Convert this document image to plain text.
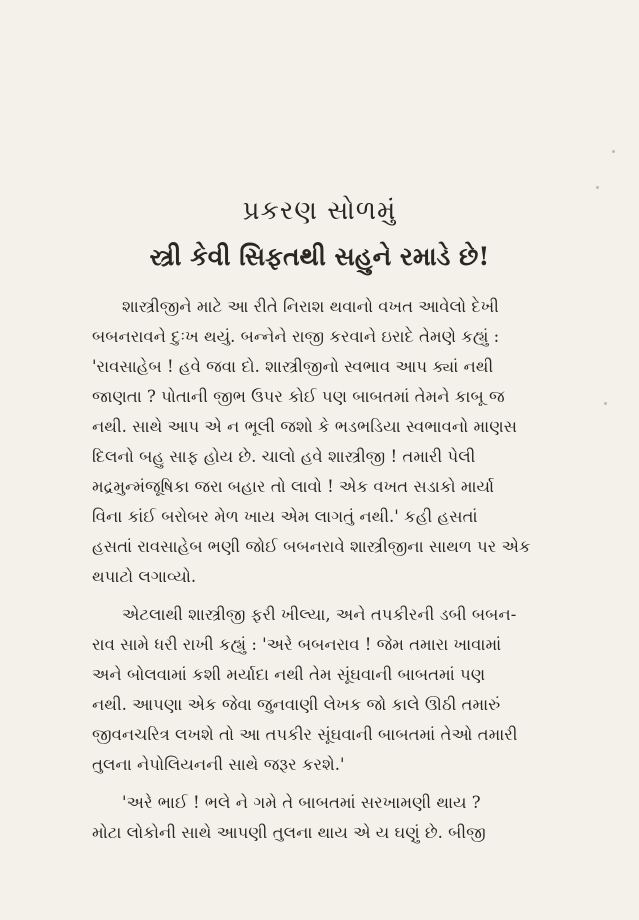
પ્રકરણ સોળમું
સ્ત્રી કેવી સિફતથી સહુને રમાડે છે!
શાસ્ત્રીજીને માટે આ રીતે નિરાશ થવાનો વખત આવેલો દેખી
બબનરાવને દુઃખ થયું. બન્નેને રાજી કરવાને ઇરાદે તેમણે કહ્યું :
'રાવસાહેબ ! હવે જવા દો. શાસ્ત્રીજીનો સ્વભાવ આપ ક્યાં નથી
જાણતા ? પોતાની જીભ ઉપર કોઈ પણ બાબતમાં તેમને કાબૂ જ
નથી. સાથે આપ એ ન ભૂલી જશો કે ભડભડિયા સ્વભાવનો માણસ
દિલનો બહુ સાફ હોય છે. ચાલો હવે શાસ્ત્રીજી ! તમારી પેલી
મદ્રમુન્મંજૂષિકા જરા બહાર તો લાવો ! એક વખત સડાકો માર્યા
વિના કાંઈ બરોબર મેળ ખાય એમ લાગતું નથી.' કહી હસતાં
હસતાં રાવસાહેબ ભણી જોઈ બબનરાવે શાસ્ત્રીજીના સાથળ પર એક
થપાટો લગાવ્યો.
એટલાથી શાસ્ત્રીજી ફરી ખીલ્યા, અને તપકીરની ડબી બબન-
રાવ સામે ધરી રાખી કહ્યું : 'અરે બબનરાવ ! જેમ તમારા ખાવામાં
અને બોલવામાં કશી મર્યાદા નથી તેમ સૂંઘવાની બાબતમાં પણ
નથી. આપણા એક જેવા જુનવાણી લેખક જો કાલે ઊઠી તમારું
જીવનચરિત્ર લખશે તો આ તપકીર સૂંઘવાની બાબતમાં તેઓ તમારી
તુલના નેપોલિયનની સાથે જરૂર કરશે.'
'અરે ભાઈ ! ભલે ને ગમે તે બાબતમાં સરખામણી થાય ?
મોટા લોકોની સાથે આપણી તુલના થાય એ ય ઘણું છે. બીજી
